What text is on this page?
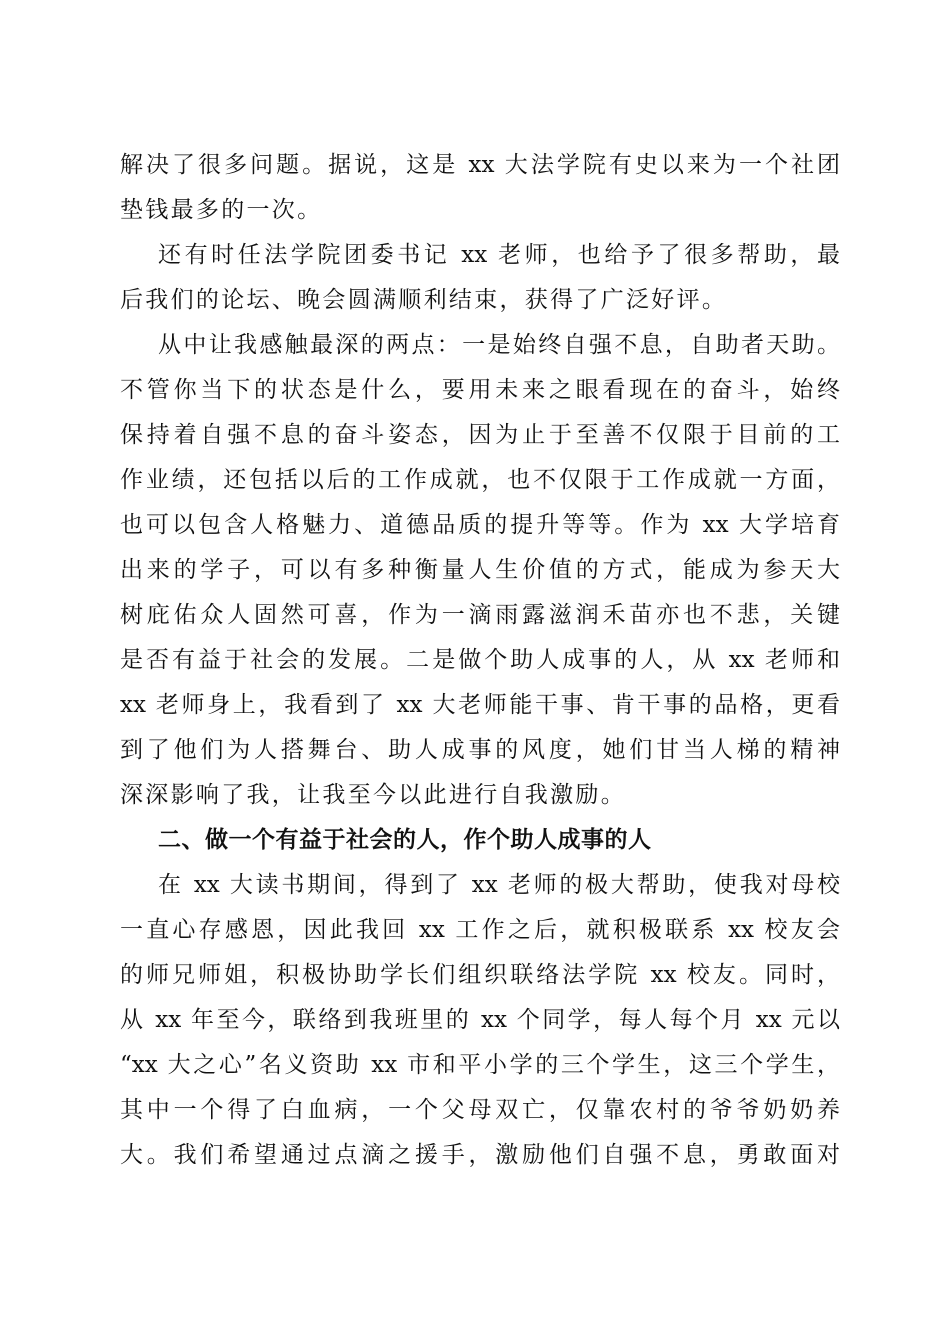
解决了很多问题。据说，这是 xx 大法学院有史以来为一个社团
垫钱最多的一次。
还有时任法学院团委书记 xx 老师，也给予了很多帮助，最
后我们的论坛、晚会圆满顺利结束，获得了广泛好评。
从中让我感触最深的两点：一是始终自强不息，自助者天助。
不管你当下的状态是什么，要用未来之眼看现在的奋斗，始终
保持着自强不息的奋斗姿态，因为止于至善不仅限于目前的工
作业绩，还包括以后的工作成就，也不仅限于工作成就一方面，
也可以包含人格魅力、道德品质的提升等等。作为 xx 大学培育
出来的学子，可以有多种衡量人生价值的方式，能成为参天大
树庇佑众人固然可喜，作为一滴雨露滋润禾苗亦也不悲，关键
是否有益于社会的发展。二是做个助人成事的人，从 xx 老师和
xx 老师身上，我看到了 xx 大老师能干事、肯干事的品格，更看
到了他们为人搭舞台、助人成事的风度，她们甘当人梯的精神
深深影响了我，让我至今以此进行自我激励。
二、做一个有益于社会的人，作个助人成事的人
在 xx 大读书期间，得到了 xx 老师的极大帮助，使我对母校
一直心存感恩，因此我回 xx 工作之后，就积极联系 xx 校友会
的师兄师姐，积极协助学长们组织联络法学院 xx 校友。同时，
从 xx 年至今，联络到我班里的 xx 个同学，每人每个月 xx 元以
“xx 大之心”名义资助 xx 市和平小学的三个学生，这三个学生，
其中一个得了白血病，一个父母双亡，仅靠农村的爷爷奶奶养
大。我们希望通过点滴之援手，激励他们自强不息，勇敢面对
